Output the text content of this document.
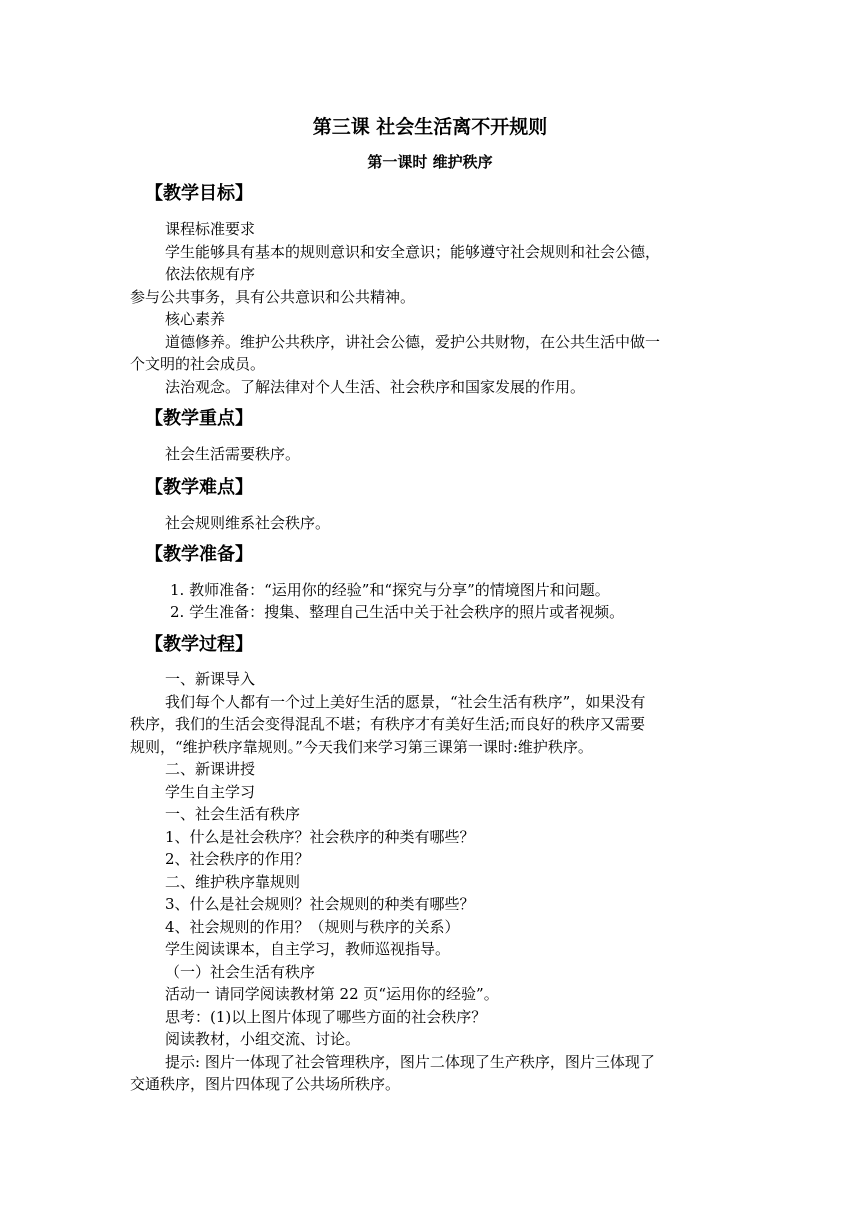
第三课 社会生活离不开规则
第一课时 维护秩序
【教学目标】
课程标准要求
学生能够具有基本的规则意识和安全意识；能够遵守社会规则和社会公德，
依法依规有序
参与公共事务，具有公共意识和公共精神。
核心素养
道德修养。维护公共秩序，讲社会公德，爱护公共财物，在公共生活中做一
个文明的社会成员。
法治观念。了解法律对个人生活、社会秩序和国家发展的作用。
【教学重点】
社会生活需要秩序。
【教学难点】
社会规则维系社会秩序。
【教学准备】
1. 教师准备：“运用你的经验”和“探究与分享”的情境图片和问题。
2. 学生准备：搜集、整理自己生活中关于社会秩序的照片或者视频。
【教学过程】
一、新课导入
我们每个人都有一个过上美好生活的愿景，“社会生活有秩序”，如果没有
秩序，我们的生活会变得混乱不堪；有秩序才有美好生活;而良好的秩序又需要
规则，“维护秩序靠规则。”今天我们来学习第三课第一课时:维护秩序。
二、新课讲授
学生自主学习
一、社会生活有秩序
1、什么是社会秩序？社会秩序的种类有哪些？
2、社会秩序的作用？
二、维护秩序靠规则
3、什么是社会规则？社会规则的种类有哪些？
4、社会规则的作用？（规则与秩序的关系）
学生阅读课本，自主学习，教师巡视指导。
（一）社会生活有秩序
活动一 请同学阅读教材第 22 页“运用你的经验”。
思考：(1)以上图片体现了哪些方面的社会秩序？
阅读教材，小组交流、讨论。
提示: 图片一体现了社会管理秩序，图片二体现了生产秩序，图片三体现了
交通秩序，图片四体现了公共场所秩序。
